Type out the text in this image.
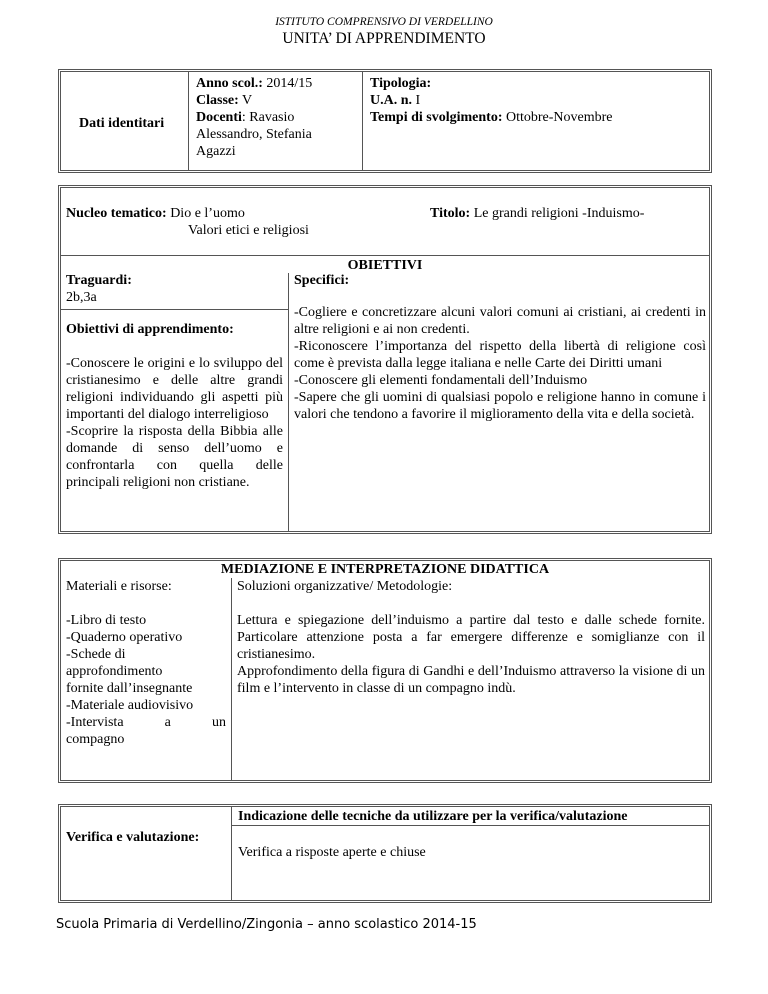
ISTITUTO COMPRENSIVO DI VERDELLINO
UNITA’ DI APPRENDIMENTO
Dati identitari

Anno scol.: 2014/15

Classe: V

Docenti: Ravasio

Alessandro, Stefania

Agazzi

Tipologia:

U.A. n. I

Tempi di svolgimento: Ottobre-Novembre

Nucleo tematico: Dio e l’uomo

Valori etici e religiosi

Titolo: Le grandi religioni -Induismo-
OBIETTIVI

Traguardi:

2b,3a

Obiettivi di apprendimento:

-Conoscere le origini e lo sviluppo del cristianesimo e delle altre grandi religioni individuando gli aspetti più importanti del dialogo interreligioso

-Scoprire la risposta della Bibbia alle domande di senso dell’uomo e confrontarla con quella delle principali religioni non cristiane.

Specifici:

-Cogliere e concretizzare alcuni valori comuni ai cristiani, ai credenti in altre religioni e ai non credenti.

-Riconoscere l’importanza del rispetto della libertà di religione così come è prevista dalla legge italiana e nelle Carte dei Diritti umani

-Conoscere gli elementi fondamentali dell’Induismo

-Sapere che gli uomini di qualsiasi popolo e religione hanno in comune i valori che tendono a favorire il miglioramento della vita e della società.

MEDIAZIONE E INTERPRETAZIONE DIDATTICA
Materiali e risorse:	Soluzioni organizzative/ Metodologie:

-Libro di testo

-Quaderno operativo

-Schede di

approfondimento

fornite dall’insegnante

-Materiale audiovisivo

-Intervista a un

compagno

Lettura e spiegazione dell’induismo a partire dal testo e dalle schede fornite. Particolare attenzione posta a far emergere differenze e somiglianze con il cristianesimo.

Approfondimento della figura di Gandhi e dell’Induismo attraverso la visione di un film e l’intervento in classe di un compagno indù.

Verifica e valutazione:
Indicazione delle tecniche da utilizzare per la verifica/valutazione
Verifica a risposte aperte e chiuse
Scuola Primaria di Verdellino/Zingonia – anno scolastico 2014-15
